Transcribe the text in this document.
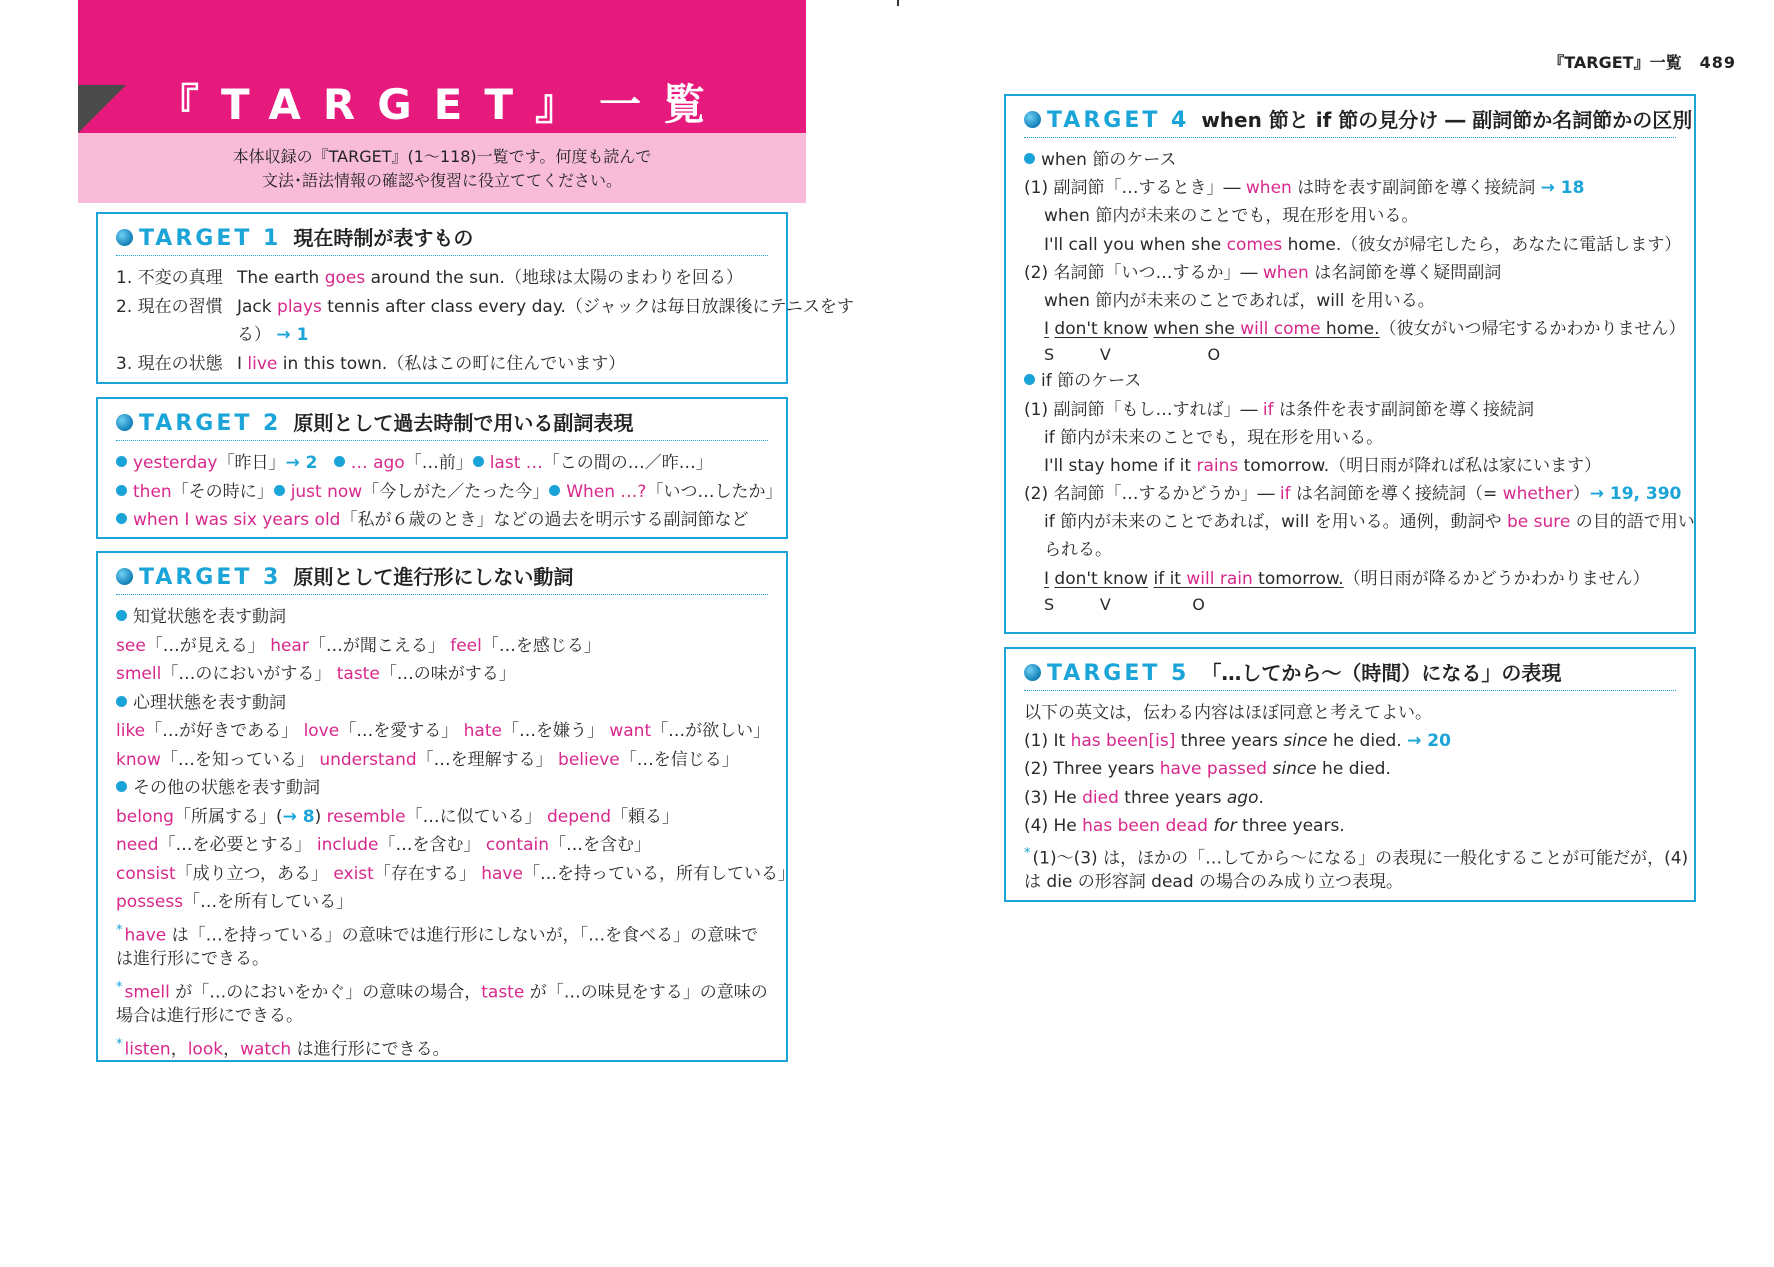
『TARGET』一覧
本体収録の『TARGET』(1～118)一覧です。何度も読んで
文法･語法情報の確認や復習に役立ててください。
TARGET 1 現在時制が表すもの
1. 不変の真理 The earth goes around the sun.（地球は太陽のまわりを回る）
2. 現在の習慣 Jack plays tennis after class every day.（ジャックは毎日放課後にテニスをす
る） → 1
3. 現在の状態 I live in this town.（私はこの町に住んでいます）
TARGET 2 原則として過去時制で用いる副詞表現
yesterday「昨日」→ 2 … ago「…前」 last …「この間の…／昨…」
then「その時に」 just now「今しがた／たった今」 When …?「いつ…したか」
when I was six years old「私が６歳のとき」などの過去を明示する副詞節など
TARGET 3 原則として進行形にしない動詞
知覚状態を表す動詞
see「…が見える」 hear「…が聞こえる」 feel「…を感じる」
smell「…のにおいがする」 taste「…の味がする」
心理状態を表す動詞
like「…が好きである」 love「…を愛する」 hate「…を嫌う」 want「…が欲しい」
know「…を知っている」 understand「…を理解する」 believe「…を信じる」
その他の状態を表す動詞
belong「所属する」(→ 8) resemble「…に似ている」 depend「頼る」
need「…を必要とする」 include「…を含む」 contain「…を含む」
consist「成り立つ，ある」 exist「存在する」 have「…を持っている，所有している」
possess「…を所有している」
* have は「…を持っている」の意味では進行形にしないが，「…を食べる」の意味で
は進行形にできる。
* smell が「…のにおいをかぐ」の意味の場合，taste が「…の味見をする」の意味の
場合は進行形にできる。
* listen，look，watch は進行形にできる。
『TARGET』一覧 489
TARGET 4 when 節と if 節の見分け ― 副詞節か名詞節かの区別
when 節のケース
(1) 副詞節「…するとき」― when は時を表す副詞節を導く接続詞 → 18
when 節内が未来のことでも，現在形を用いる。
I'll call you when she comes home.（彼女が帰宅したら，あなたに電話します）
(2) 名詞節「いつ…するか」― when は名詞節を導く疑問副詞
when 節内が未来のことであれば，will を用いる。
I don't know when she will come home.（彼女がいつ帰宅するかわかりません）
S         V                   O
if 節のケース
(1) 副詞節「もし…すれば」― if は条件を表す副詞節を導く接続詞
if 節内が未来のことでも，現在形を用いる。
I'll stay home if it rains tomorrow.（明日雨が降れば私は家にいます）
(2) 名詞節「…するかどうか」― if は名詞節を導く接続詞（= whether）→ 19, 390
if 節内が未来のことであれば，will を用いる。通例，動詞や be sure の目的語で用い
られる。
I don't know if it will rain tomorrow.（明日雨が降るかどうかわかりません）
S         V                O
TARGET 5 「…してから～（時間）になる」の表現
以下の英文は，伝わる内容はほぼ同意と考えてよい。
(1) It has been[is] three years since he died. → 20
(2) Three years have passed since he died.
(3) He died three years ago.
(4) He has been dead for three years.
* (1)～(3) は，ほかの「…してから～になる」の表現に一般化することが可能だが，(4)
は die の形容詞 dead の場合のみ成り立つ表現。
